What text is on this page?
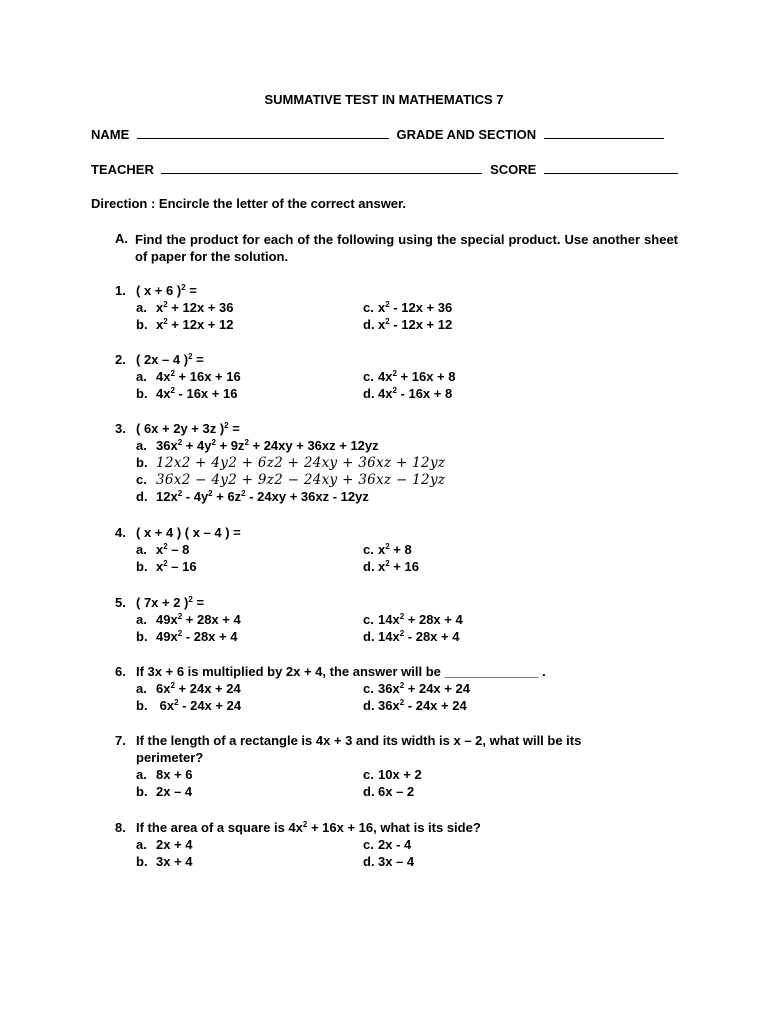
SUMMATIVE TEST IN MATHEMATICS 7
NAME	GRADE AND SECTION
TEACHER	SCORE
Direction : Encircle the letter of the correct answer.
A. Find the product for each of the following using the special product. Use another sheet of paper for the solution.
1. ( x + 6 )$^2$ =
a. $x^2 + 12x + 36$	c. $x^2 - 12x + 36$
b. $x^2 + 12x + 12$	d. $x^2 - 12x + 12$
2. ( 2x – 4 )$^2$ =
a. $4x^2 + 16x + 16$	c. $4x^2 + 16x + 8$
b. $4x^2 - 16x + 16$	d. $4x^2 - 16x + 8$
3. ( 6x + 2y + 3z )$^2$ =
a. $36x^2 + 4y^2 + 9z^2 + 24xy + 36xz + 12yz$
b. 12x2 + 4y2 + 6z2 + 24xy + 36xz + 12yz
c. 36x2 − 4y2 + 9z2 − 24xy + 36xz − 12yz
d. $12x^2 - 4y^2 + 6z^2 - 24xy + 36xz - 12yz$
4. ( x + 4 ) ( x – 4 ) =
a. $x^2 - 8$	c. $x^2 + 8$
b. $x^2 - 16$	d. $x^2 + 16$
5. ( 7x + 2 )$^2$ =
a. $49x^2 + 28x + 4$	c. $14x^2 + 28x + 4$
b. $49x^2 - 28x + 4$	d. $14x^2 - 28x + 4$
6. If 3x + 6 is multiplied by 2x + 4, the answer will be _____________ .
a. $6x^2 + 24x + 24$	c. $36x^2 + 24x + 24$
b. $6x^2 - 24x + 24$	d. $36x^2 - 24x + 24$
7. If the length of a rectangle is 4x + 3 and its width is x – 2, what will be its
perimeter?
a. 8x + 6	c. 10x + 2
b. 2x – 4	d. 6x – 2
8. If the area of a square is $4x^2 + 16x + 16$, what is its side?
a. 2x + 4	c. 2x - 4
b. 3x + 4	d. 3x – 4
